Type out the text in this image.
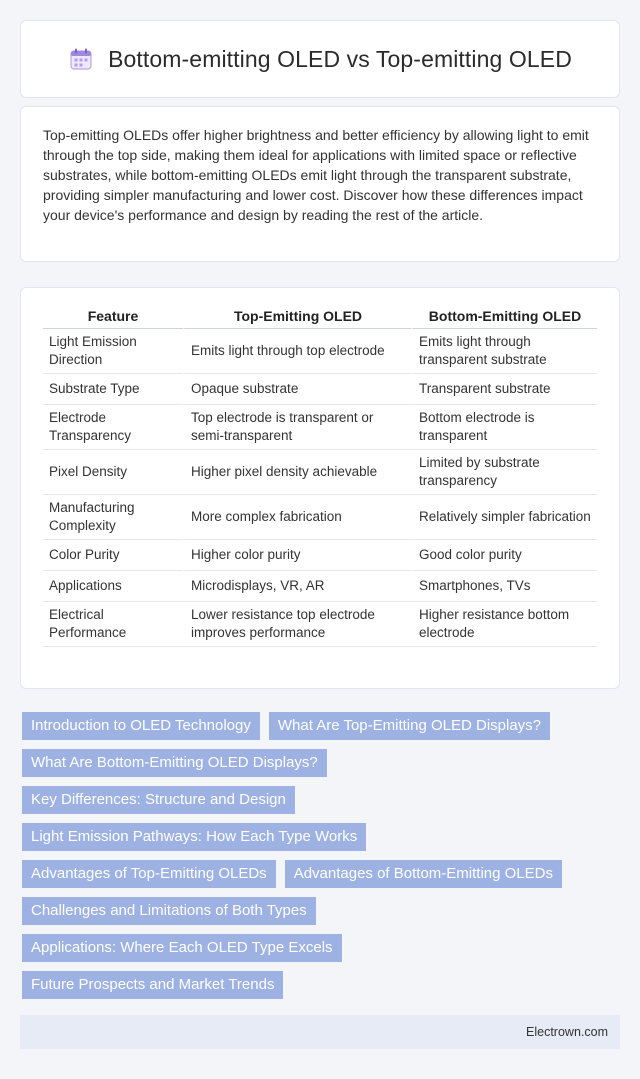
Bottom-emitting OLED vs Top-emitting OLED

Top-emitting OLEDs offer higher brightness and better efficiency by allowing light to emit through the top side, making them ideal for applications with limited space or reflective substrates, while bottom-emitting OLEDs emit light through the transparent substrate, providing simpler manufacturing and lower cost. Discover how these differences impact your device's performance and design by reading the rest of the article.

Feature	Top-Emitting OLED	Bottom-Emitting OLED
Light Emission Direction	Emits light through top electrode	Emits light through transparent substrate
Substrate Type	Opaque substrate	Transparent substrate
Electrode Transparency	Top electrode is transparent or semi-transparent	Bottom electrode is transparent
Pixel Density	Higher pixel density achievable	Limited by substrate transparency
Manufacturing Complexity	More complex fabrication	Relatively simpler fabrication
Color Purity	Higher color purity	Good color purity
Applications	Microdisplays, VR, AR	Smartphones, TVs
Electrical Performance	Lower resistance top electrode improves performance	Higher resistance bottom electrode
Introduction to OLED Technology	What Are Top-Emitting OLED Displays?
What Are Bottom-Emitting OLED Displays?
Key Differences: Structure and Design
Light Emission Pathways: How Each Type Works
Advantages of Top-Emitting OLEDs	Advantages of Bottom-Emitting OLEDs
Challenges and Limitations of Both Types
Applications: Where Each OLED Type Excels
Future Prospects and Market Trends
Electrown.com
